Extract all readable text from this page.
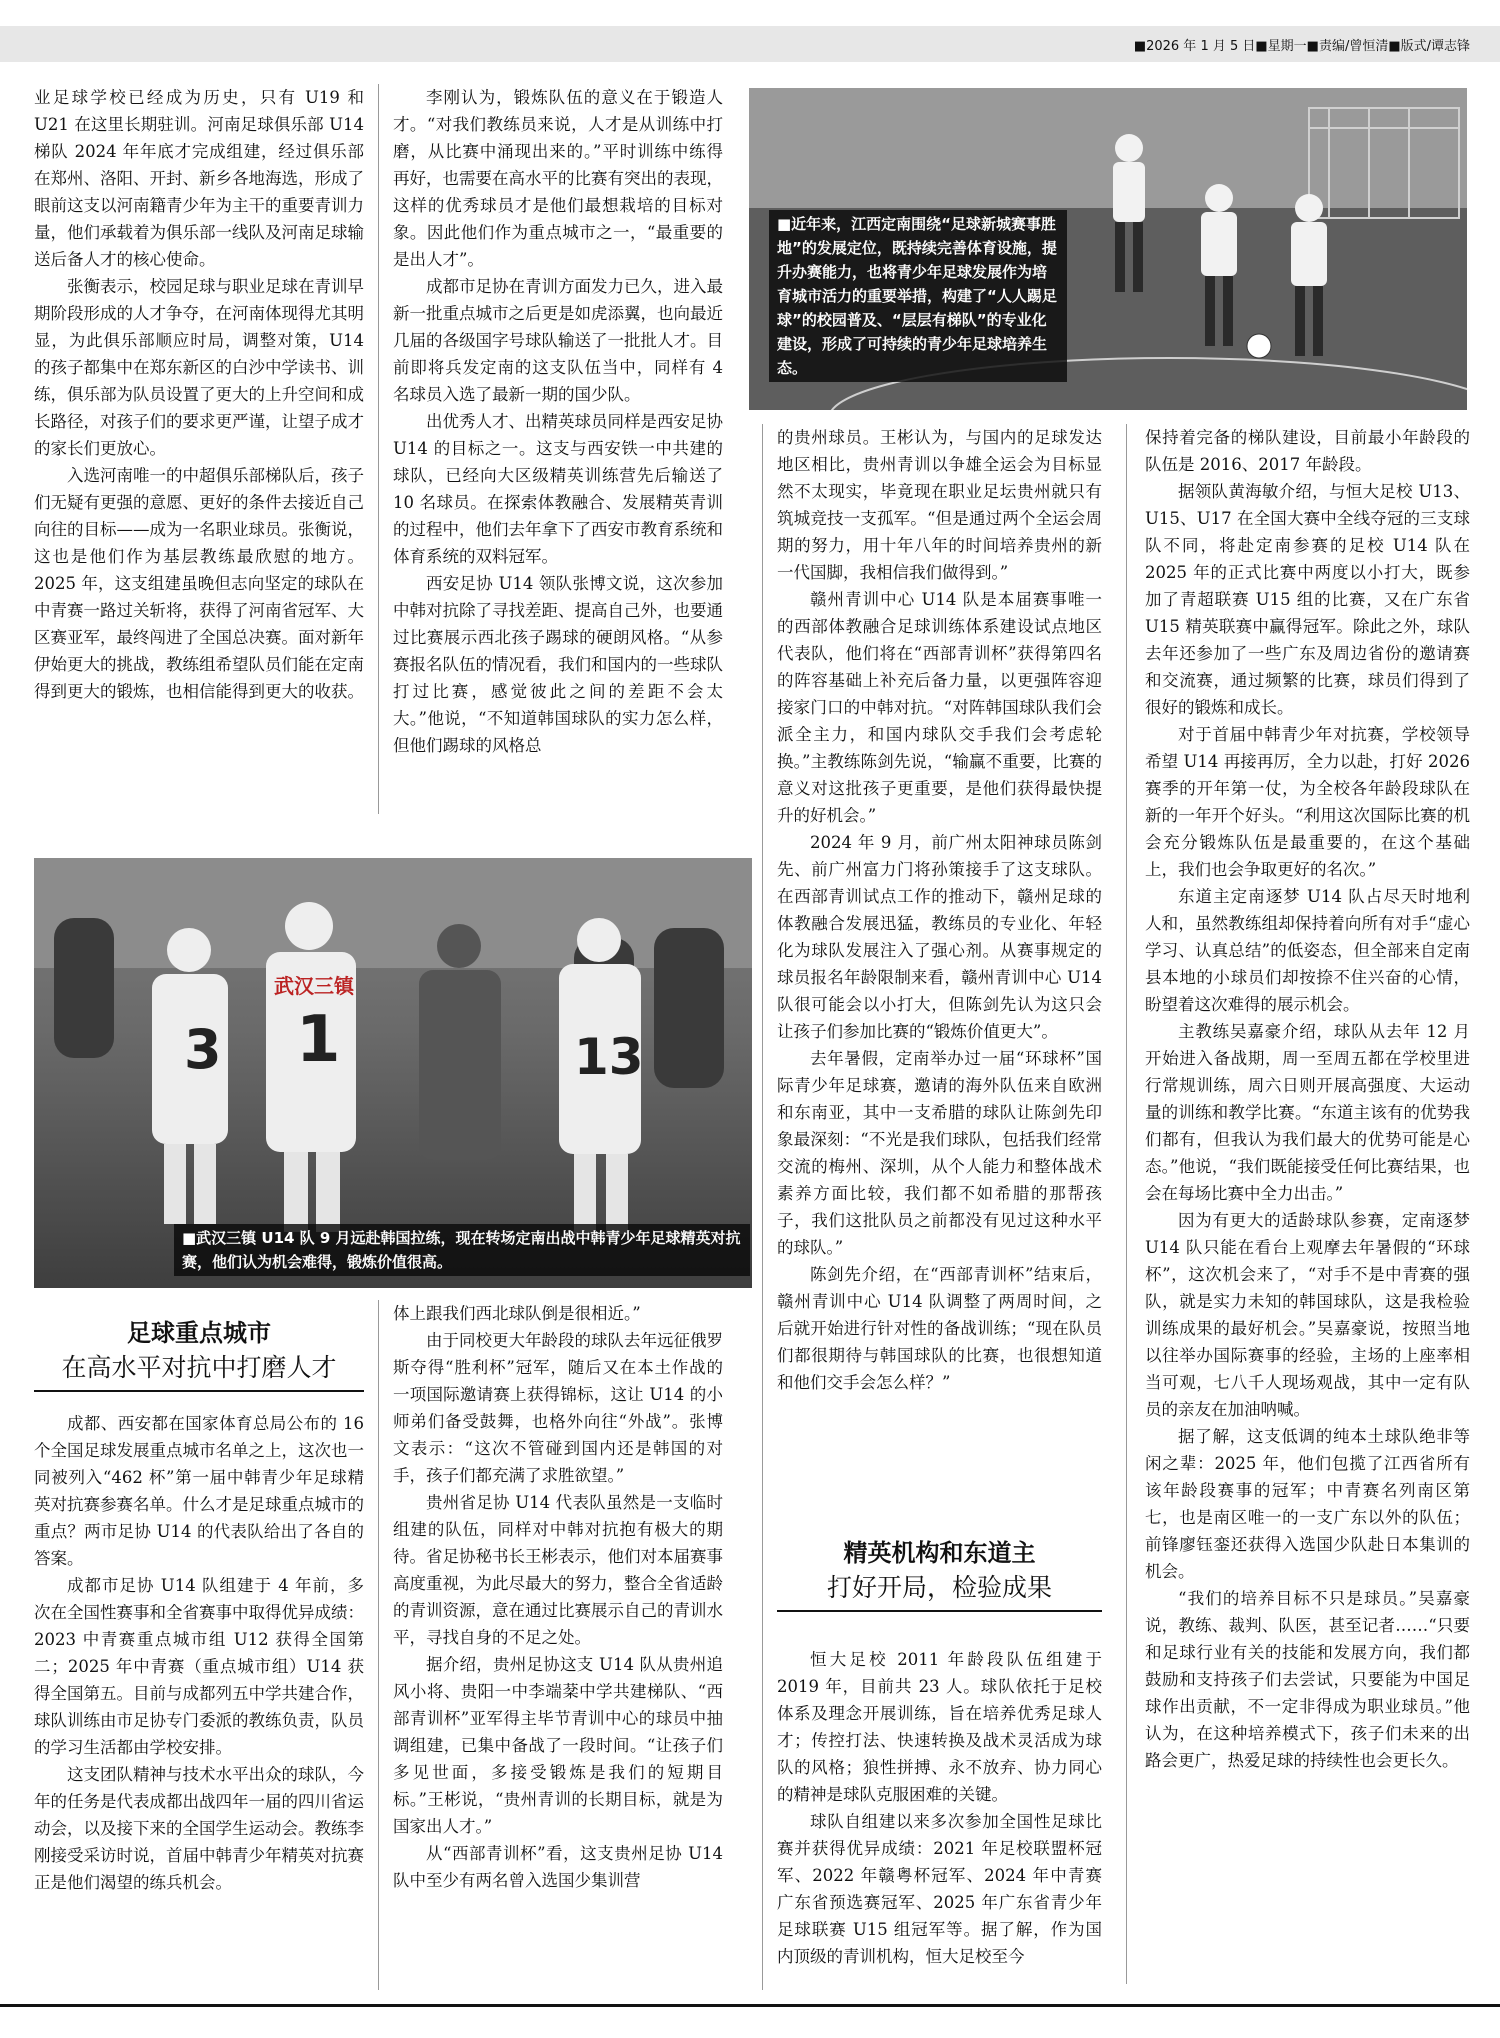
■2026 年 1 月 5 日■星期一■责编/曾恒清■版式/谭志锋

业足球学校已经成为历史，只有 U19 和 U21 在这里长期驻训。河南足球俱乐部 U14 梯队 2024 年年底才完成组建，经过俱乐部在郑州、洛阳、开封、新乡各地海选，形成了眼前这支以河南籍青少年为主干的重要青训力量，他们承载着为俱乐部一线队及河南足球输送后备人才的核心使命。

张衡表示，校园足球与职业足球在青训早期阶段形成的人才争夺，在河南体现得尤其明显，为此俱乐部顺应时局，调整对策，U14 的孩子都集中在郑东新区的白沙中学读书、训练，俱乐部为队员设置了更大的上升空间和成长路径，对孩子们的要求更严谨，让望子成才的家长们更放心。

入选河南唯一的中超俱乐部梯队后，孩子们无疑有更强的意愿、更好的条件去接近自己向往的目标——成为一名职业球员。张衡说，这也是他们作为基层教练最欣慰的地方。2025 年，这支组建虽晚但志向坚定的球队在中青赛一路过关斩将，获得了河南省冠军、大区赛亚军，最终闯进了全国总决赛。面对新年伊始更大的挑战，教练组希望队员们能在定南得到更大的锻炼，也相信能得到更大的收获。

李刚认为，锻炼队伍的意义在于锻造人才。“对我们教练员来说，人才是从训练中打磨，从比赛中涌现出来的。”平时训练中练得再好，也需要在高水平的比赛有突出的表现，这样的优秀球员才是他们最想栽培的目标对象。因此他们作为重点城市之一，“最重要的是出人才”。

成都市足协在青训方面发力已久，进入最新一批重点城市之后更是如虎添翼，也向最近几届的各级国字号球队输送了一批批人才。目前即将兵发定南的这支队伍当中，同样有 4 名球员入选了最新一期的国少队。

出优秀人才、出精英球员同样是西安足协 U14 的目标之一。这支与西安铁一中共建的球队，已经向大区级精英训练营先后输送了 10 名球员。在探索体教融合、发展精英青训的过程中，他们去年拿下了西安市教育系统和体育系统的双料冠军。

西安足协 U14 领队张博文说，这次参加中韩对抗除了寻找差距、提高自己外，也要通过比赛展示西北孩子踢球的硬朗风格。“从参赛报名队伍的情况看，我们和国内的一些球队打过比赛，感觉彼此之间的差距不会太大。”他说，“不知道韩国球队的实力怎么样，但他们踢球的风格总

■近年来，江西定南围绕“足球新城赛事胜地”的发展定位，既持续完善体育设施，提升办赛能力，也将青少年足球发展作为培育城市活力的重要举措，构建了“人人踢足球”的校园普及、“层层有梯队”的专业化建设，形成了可持续的青少年足球培养生态。

的贵州球员。王彬认为，与国内的足球发达地区相比，贵州青训以争雄全运会为目标显然不太现实，毕竟现在职业足坛贵州就只有筑城竞技一支孤军。“但是通过两个全运会周期的努力，用十年八年的时间培养贵州的新一代国脚，我相信我们做得到。”

赣州青训中心 U14 队是本届赛事唯一的西部体教融合足球训练体系建设试点地区代表队，他们将在“西部青训杯”获得第四名的阵容基础上补充后备力量，以更强阵容迎接家门口的中韩对抗。“对阵韩国球队我们会派全主力，和国内球队交手我们会考虑轮换。”主教练陈剑先说，“输赢不重要，比赛的意义对这批孩子更重要，是他们获得最快提升的好机会。”

2024 年 9 月，前广州太阳神球员陈剑先、前广州富力门将孙策接手了这支球队。在西部青训试点工作的推动下，赣州足球的体教融合发展迅猛，教练员的专业化、年轻化为球队发展注入了强心剂。从赛事规定的球员报名年龄限制来看，赣州青训中心 U14 队很可能会以小打大，但陈剑先认为这只会让孩子们参加比赛的“锻炼价值更大”。

去年暑假，定南举办过一届“环球杯”国际青少年足球赛，邀请的海外队伍来自欧洲和东南亚，其中一支希腊的球队让陈剑先印象最深刻：“不光是我们球队，包括我们经常交流的梅州、深圳，从个人能力和整体战术素养方面比较，我们都不如希腊的那帮孩子，我们这批队员之前都没有见过这种水平的球队。”

陈剑先介绍，在“西部青训杯”结束后，赣州青训中心 U14 队调整了两周时间，之后就开始进行针对性的备战训练；“现在队员们都很期待与韩国球队的比赛，也很想知道和他们交手会怎么样？”

保持着完备的梯队建设，目前最小年龄段的队伍是 2016、2017 年龄段。

据领队黄海敏介绍，与恒大足校 U13、U15、U17 在全国大赛中全线夺冠的三支球队不同，将赴定南参赛的足校 U14 队在 2025 年的正式比赛中两度以小打大，既参加了青超联赛 U15 组的比赛，又在广东省 U15 精英联赛中赢得冠军。除此之外，球队去年还参加了一些广东及周边省份的邀请赛和交流赛，通过频繁的比赛，球员们得到了很好的锻炼和成长。

对于首届中韩青少年对抗赛，学校领导希望 U14 再接再厉，全力以赴，打好 2026 赛季的开年第一仗，为全校各年龄段球队在新的一年开个好头。“利用这次国际比赛的机会充分锻炼队伍是最重要的，在这个基础上，我们也会争取更好的名次。”

东道主定南逐梦 U14 队占尽天时地利人和，虽然教练组却保持着向所有对手“虚心学习、认真总结”的低姿态，但全部来自定南县本地的小球员们却按捺不住兴奋的心情，盼望着这次难得的展示机会。

主教练吴嘉豪介绍，球队从去年 12 月开始进入备战期，周一至周五都在学校里进行常规训练，周六日则开展高强度、大运动量的训练和教学比赛。“东道主该有的优势我们都有，但我认为我们最大的优势可能是心态。”他说，“我们既能接受任何比赛结果，也会在每场比赛中全力出击。”

因为有更大的适龄球队参赛，定南逐梦 U14 队只能在看台上观摩去年暑假的“环球杯”，这次机会来了，“对手不是中青赛的强队，就是实力未知的韩国球队，这是我检验训练成果的最好机会。”吴嘉豪说，按照当地以往举办国际赛事的经验，主场的上座率相当可观，七八千人现场观战，其中一定有队员的亲友在加油呐喊。

据了解，这支低调的纯本土球队绝非等闲之辈：2025 年，他们包揽了江西省所有该年龄段赛事的冠军；中青赛名列南区第七，也是南区唯一的一支广东以外的队伍；前锋廖钰銮还获得入选国少队赴日本集训的机会。

“我们的培养目标不只是球员。”吴嘉豪说，教练、裁判、队医，甚至记者……“只要和足球行业有关的技能和发展方向，我们都鼓励和支持孩子们去尝试，只要能为中国足球作出贡献，不一定非得成为职业球员。”他认为，在这种培养模式下，孩子们未来的出路会更广，热爱足球的持续性也会更长久。

武汉三镇
3 1	13
■武汉三镇 U14 队 9 月远赴韩国拉练，现在转场定南出战中韩青少年足球精英对抗赛，他们认为机会难得，锻炼价值很高。
足球重点城市
在高水平对抗中打磨人才

成都、西安都在国家体育总局公布的 16 个全国足球发展重点城市名单之上，这次也一同被列入“462 杯”第一届中韩青少年足球精英对抗赛参赛名单。什么才是足球重点城市的重点？两市足协 U14 的代表队给出了各自的答案。

成都市足协 U14 队组建于 4 年前，多次在全国性赛事和全省赛事中取得优异成绩：2023 中青赛重点城市组 U12 获得全国第二；2025 年中青赛（重点城市组）U14 获得全国第五。目前与成都列五中学共建合作，球队训练由市足协专门委派的教练负责，队员的学习生活都由学校安排。

这支团队精神与技术水平出众的球队，今年的任务是代表成都出战四年一届的四川省运动会，以及接下来的全国学生运动会。教练李刚接受采访时说，首届中韩青少年精英对抗赛正是他们渴望的练兵机会。

体上跟我们西北球队倒是很相近。”

由于同校更大年龄段的球队去年远征俄罗斯夺得“胜利杯”冠军，随后又在本土作战的一项国际邀请赛上获得锦标，这让 U14 的小师弟们备受鼓舞，也格外向往“外战”。张博文表示：“这次不管碰到国内还是韩国的对手，孩子们都充满了求胜欲望。”

贵州省足协 U14 代表队虽然是一支临时组建的队伍，同样对中韩对抗抱有极大的期待。省足协秘书长王彬表示，他们对本届赛事高度重视，为此尽最大的努力，整合全省适龄的青训资源，意在通过比赛展示自己的青训水平，寻找自身的不足之处。

据介绍，贵州足协这支 U14 队从贵州追风小将、贵阳一中李端棻中学共建梯队、“西部青训杯”亚军得主毕节青训中心的球员中抽调组建，已集中备战了一段时间。“让孩子们多见世面，多接受锻炼是我们的短期目标。”王彬说，“贵州青训的长期目标，就是为国家出人才。”

从“西部青训杯”看，这支贵州足协 U14 队中至少有两名曾入选国少集训营

精英机构和东道主
打好开局，检验成果

恒大足校 2011 年龄段队伍组建于 2019 年，目前共 23 人。球队依托于足校体系及理念开展训练，旨在培养优秀足球人才；传控打法、快速转换及战术灵活成为球队的风格；狼性拼搏、永不放弃、协力同心的精神是球队克服困难的关键。

球队自组建以来多次参加全国性足球比赛并获得优异成绩：2021 年足校联盟杯冠军、2022 年赣粤杯冠军、2024 年中青赛广东省预选赛冠军、2025 年广东省青少年足球联赛 U15 组冠军等。据了解，作为国内顶级的青训机构，恒大足校至今
